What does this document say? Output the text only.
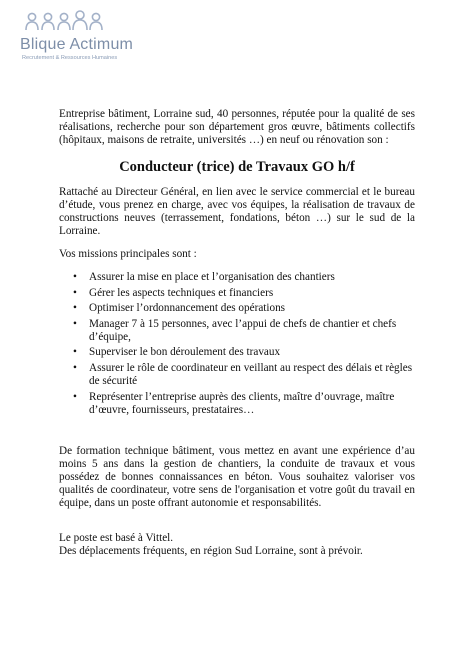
Blique Actimum
Recrutement & Ressources Humaines

Entreprise bâtiment, Lorraine sud, 40 personnes, réputée pour la qualité de ses réalisations, recherche pour son département gros œuvre, bâtiments collectifs (hôpitaux, maisons de retraite, universités …) en neuf ou rénovation son :

Conducteur (trice) de Travaux GO h/f

Rattaché au Directeur Général, en lien avec le service commercial et le bureau d’étude, vous prenez en charge, avec vos équipes, la réalisation de travaux de constructions neuves (terrassement, fondations, béton …) sur le sud de la Lorraine.

Vos missions principales sont :

• Assurer la mise en place et l’organisation des chantiers
• Gérer les aspects techniques et financiers
• Optimiser l’ordonnancement des opérations
• Manager 7 à 15 personnes, avec l’appui de chefs de chantier et chefs d’équipe,
• Superviser le bon déroulement des travaux
• Assurer le rôle de coordinateur en veillant au respect des délais et règles de sécurité
• Représenter l’entreprise auprès des clients, maître d’ouvrage, maître d’œuvre, fournisseurs, prestataires…

De formation technique bâtiment, vous mettez en avant une expérience d’au moins 5 ans dans la gestion de chantiers, la conduite de travaux et vous possédez de bonnes connaissances en béton. Vous souhaitez valoriser vos qualités de coordinateur, votre sens de l'organisation et votre goût du travail en équipe, dans un poste offrant autonomie et responsabilités.

Le poste est basé à Vittel.

Des déplacements fréquents, en région Sud Lorraine, sont à prévoir.
